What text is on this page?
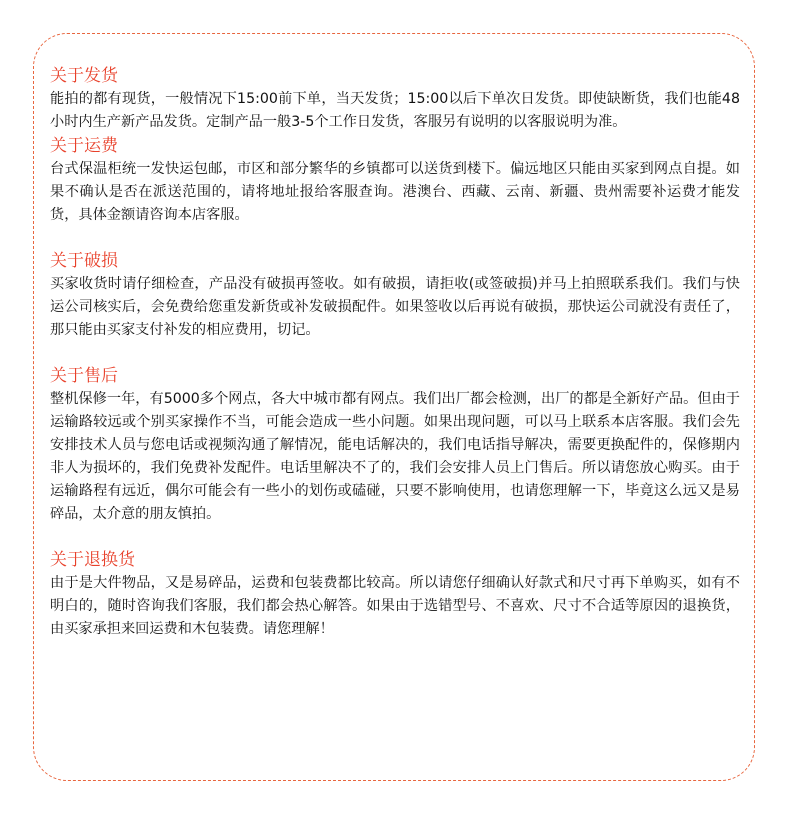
关于发货

能拍的都有现货，一般情况下15:00前下单，当天发货；15:00以后下单次日发货。即使缺断货，我们也能48小时内生产新产品发货。定制产品一般3-5个工作日发货，客服另有说明的以客服说明为准。

关于运费

台式保温柜统一发快运包邮，市区和部分繁华的乡镇都可以送货到楼下。偏远地区只能由买家到网点自提。如果不确认是否在派送范围的，请将地址报给客服查询。港澳台、西藏、云南、新疆、贵州需要补运费才能发货，具体金额请咨询本店客服。

关于破损

买家收货时请仔细检查，产品没有破损再签收。如有破损，请拒收(或签破损)并马上拍照联系我们。我们与快运公司核实后，会免费给您重发新货或补发破损配件。如果签收以后再说有破损，那快运公司就没有责任了，那只能由买家支付补发的相应费用，切记。

关于售后

整机保修一年，有5000多个网点，各大中城市都有网点。我们出厂都会检测，出厂的都是全新好产品。但由于运输路较远或个别买家操作不当，可能会造成一些小问题。如果出现问题，可以马上联系本店客服。我们会先安排技术人员与您电话或视频沟通了解情况，能电话解决的，我们电话指导解决，需要更换配件的，保修期内非人为损坏的，我们免费补发配件。电话里解决不了的，我们会安排人员上门售后。所以请您放心购买。由于运输路程有远近，偶尔可能会有一些小的划伤或磕碰，只要不影响使用，也请您理解一下，毕竟这么远又是易碎品，太介意的朋友慎拍。

关于退换货

由于是大件物品，又是易碎品，运费和包装费都比较高。所以请您仔细确认好款式和尺寸再下单购买，如有不明白的，随时咨询我们客服，我们都会热心解答。如果由于选错型号、不喜欢、尺寸不合适等原因的退换货，由买家承担来回运费和木包装费。请您理解！
